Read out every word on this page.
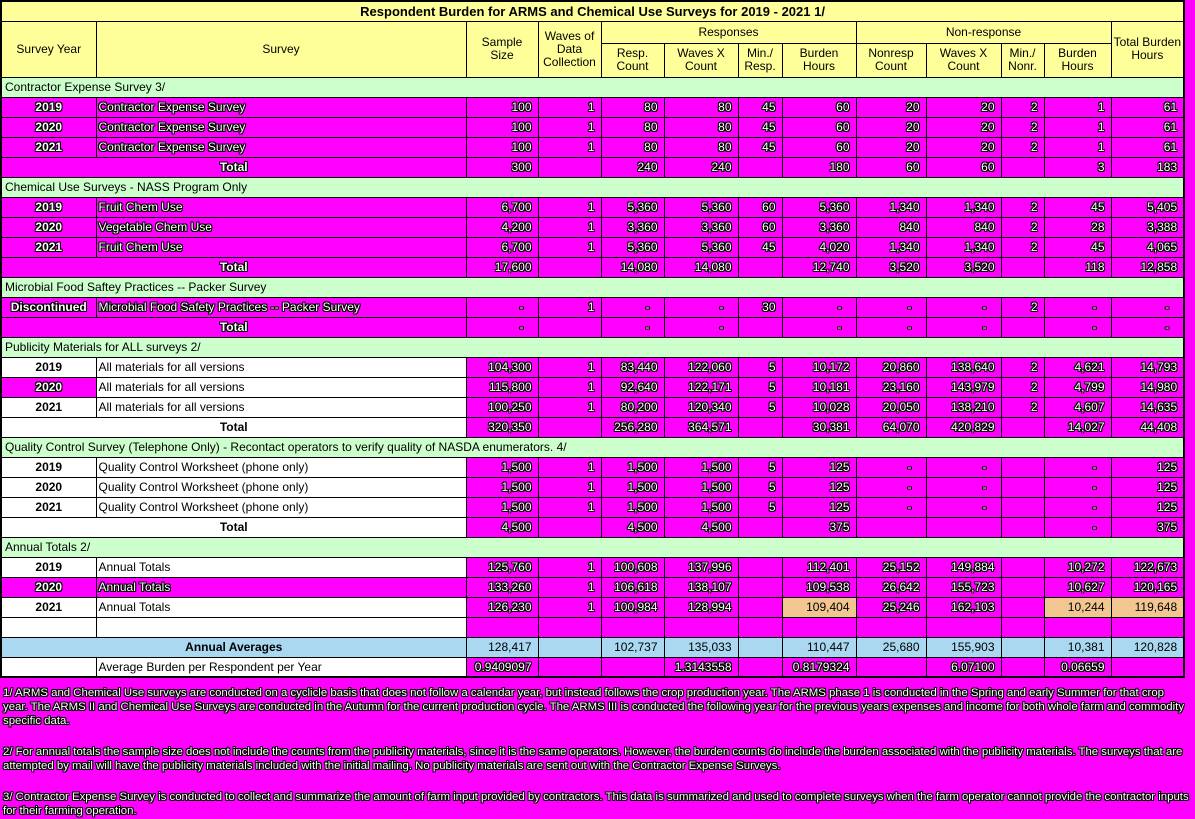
Respondent Burden for ARMS and Chemical Use Surveys for 2019 - 2021 1/												
Survey Year	Survey	Sample Size	Waves of Data Collection	Responses				Non-response				Total Burden Hours
				Resp. Count	Waves X Count	Min./ Resp.	Burden Hours	Nonresp Count	Waves X Count	Min./ Nonr.	Burden Hours	
Contractor Expense Survey 3/												
2019	Contractor Expense Survey	100	1	80	80	45	60	20	20	2	1	61
2020	Contractor Expense Survey	100	1	80	80	45	60	20	20	2	1	61
2021	Contractor Expense Survey	100	1	80	80	45	60	20	20	2	1	61
Total		300		240	240		180	60	60		3	183
Chemical Use Surveys - NASS Program Only												
2019	Fruit Chem Use	6,700	1	5,360	5,360	60	5,360	1,340	1,340	2	45	5,405
2020	Vegetable Chem Use	4,200	1	3,360	3,360	60	3,360	840	840	2	28	3,388
2021	Fruit Chem Use	6,700	1	5,360	5,360	45	4,020	1,340	1,340	2	45	4,065
Total		17,600		14,080	14,080		12,740	3,520	3,520		118	12,858
Microbial Food Saftey Practices -- Packer Survey												
Discontinued	Microbial Food Safety Practices -- Packer Survey	-	1	-	-	30	-	-	-	2	-	-
Total		-		-	-		-	-	-		-	-
Publicity Materials for ALL surveys 2/												
2019	All materials for all versions	104,300	1	83,440	122,060	5	10,172	20,860	138,640	2	4,621	14,793
2020	All materials for all versions	115,800	1	92,640	122,171	5	10,181	23,160	143,979	2	4,799	14,980
2021	All materials for all versions	100,250	1	80,200	120,340	5	10,028	20,050	138,210	2	4,607	14,635
Total		320,350		256,280	364,571		30,381	64,070	420,829		14,027	44,408
Quality Control Survey (Telephone Only) - Recontact operators to verify quality of NASDA enumerators. 4/												
2019	Quality Control Worksheet (phone only)	1,500	1	1,500	1,500	5	125	-	-		-	125
2020	Quality Control Worksheet (phone only)	1,500	1	1,500	1,500	5	125	-	-		-	125
2021	Quality Control Worksheet (phone only)	1,500	1	1,500	1,500	5	125	-	-		-	125
Total		4,500		4,500	4,500		375				-	375
Annual Totals 2/												
2019	Annual Totals	125,760	1	100,608	137,996		112,401	25,152	149,884		10,272	122,673
2020	Annual Totals	133,260	1	106,618	138,107		109,538	26,642	155,723		10,627	120,165
2021	Annual Totals	126,230	1	100,984	128,994		109,404	25,246	162,103		10,244	119,648

Annual Averages		128,417		102,737	135,033		110,447	25,680	155,903		10,381	120,828
	Average Burden per Respondent per Year	0.9409097			1.3143558		0.8179324		6.07100		0.06659	

1/ ARMS and Chemical Use surveys are conducted on a cyclicle basis that does not follow a calendar year, but instead follows the crop production year. The ARMS phase 1 is conducted in the Spring and early Summer for that crop year. The ARMS II and Chemical Use Surveys are conducted in the Autumn for the current production cycle. The ARMS III is conducted the following year for the previous years expenses and income for both whole farm and commodity specific data.

2/ For annual totals the sample size does not include the counts from the publicity materials, since it is the same operators. However, the burden counts do include the burden associated with the publicity materials. The surveys that are attempted by mail will have the publicity materials included with the initial mailing. No publicity materials are sent out with the Contractor Expense Surveys.

3/ Contractor Expense Survey is conducted to collect and summarize the amount of farm input provided by contractors. This data is summarized and used to complete surveys when the farm operator cannot provide the contractor inputs for their farming operation.
